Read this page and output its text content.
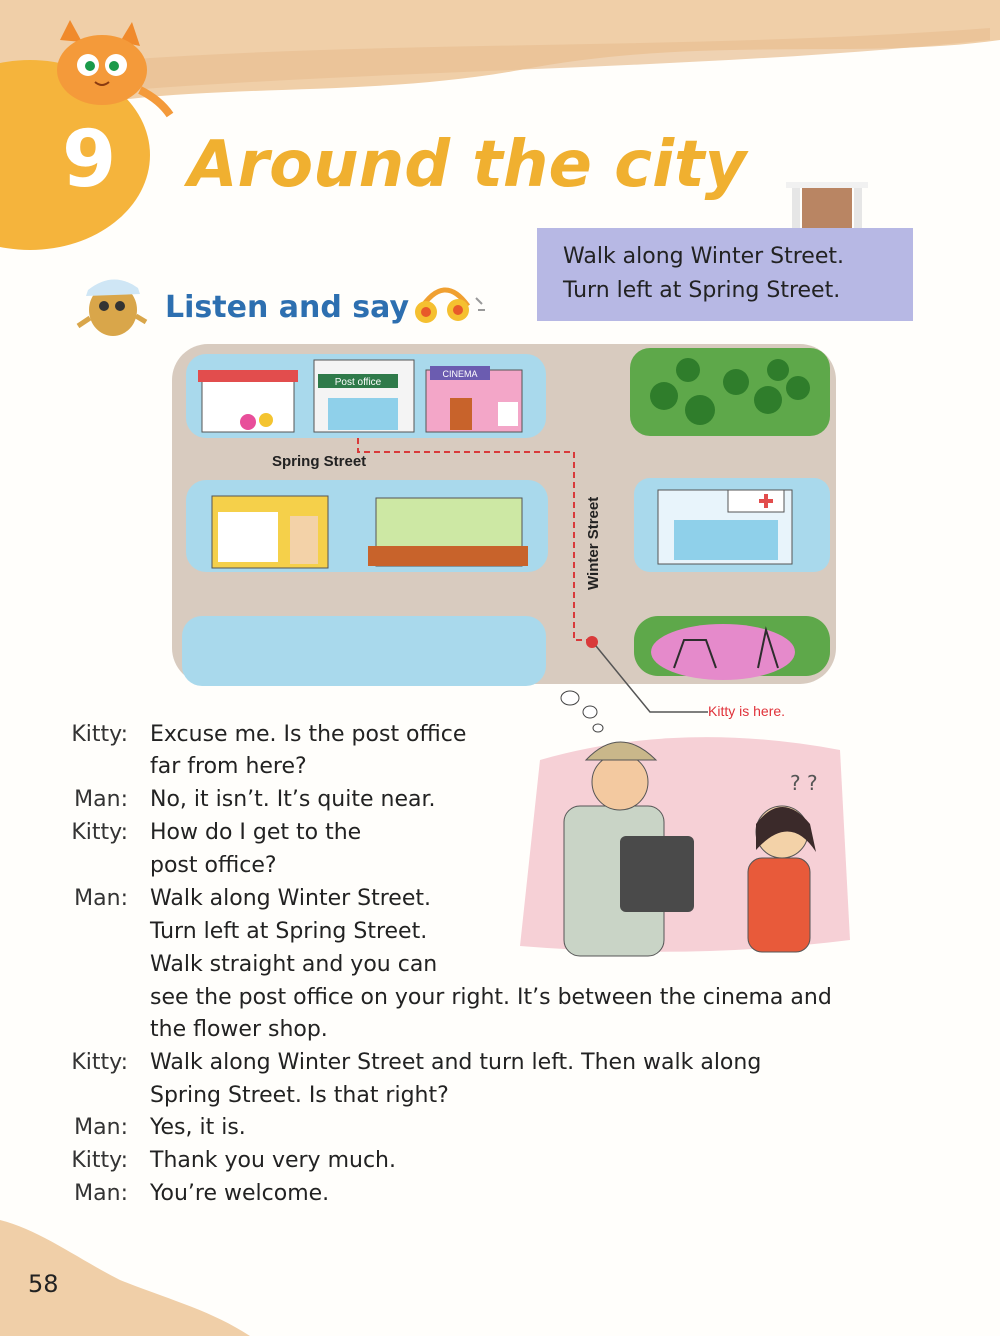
9 Around the city
Walk along Winter Street.
Turn left at Spring Street.
Listen and say
Post office
CINEMA
Spring Street
Winter Street
Kitty is here.
? ?
Kitty: Excuse me. Is the post office
far from here?
Man: No, it isn’t. It’s quite near.
Kitty: How do I get to the
post office?
Man: Walk along Winter Street.
Turn left at Spring Street.
Walk straight and you can
see the post office on your right. It’s between the cinema and
the flower shop.
Kitty: Walk along Winter Street and turn left. Then walk along
Spring Street. Is that right?
Man: Yes, it is.
Kitty: Thank you very much.
Man: You’re welcome.
58
